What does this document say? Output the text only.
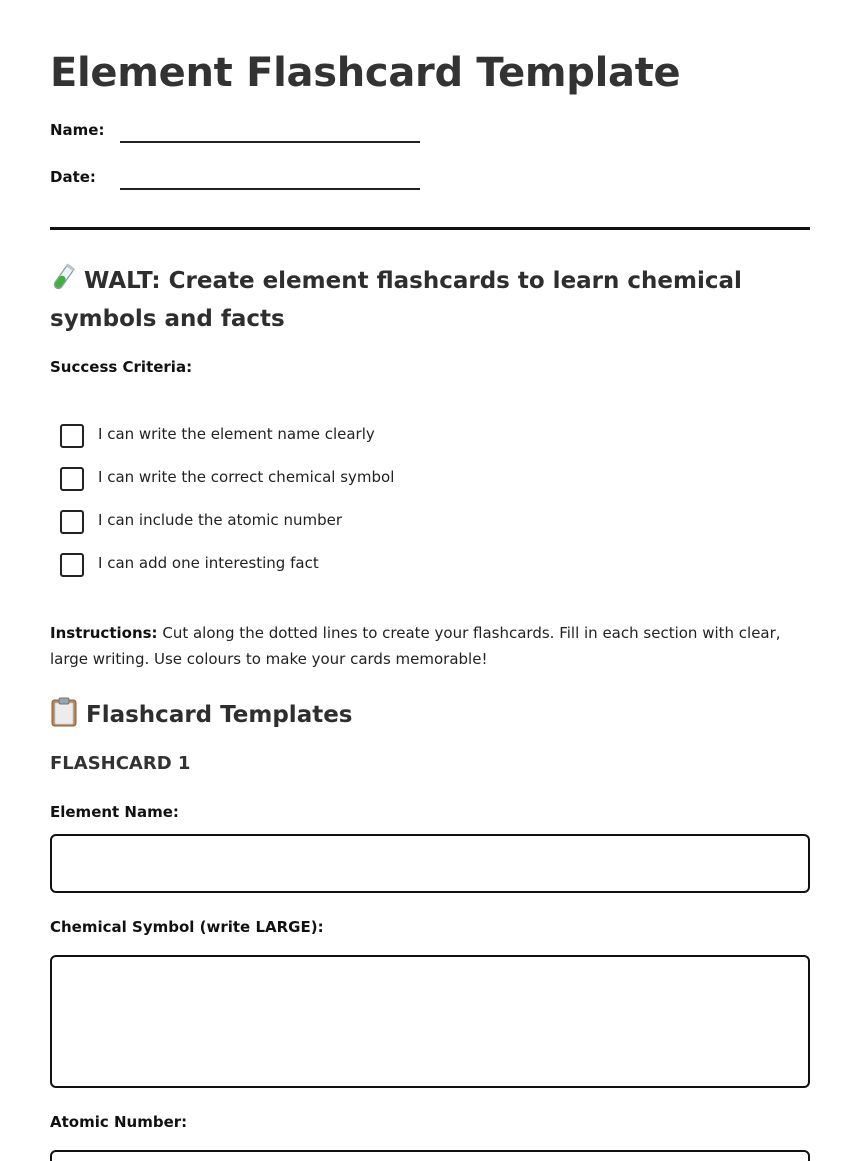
Element Flashcard Template
Name:
Date:
WALT: Create element flashcards to learn chemical symbols and facts
Success Criteria:
I can write the element name clearly
I can write the correct chemical symbol
I can include the atomic number
I can add one interesting fact

Instructions: Cut along the dotted lines to create your flashcards. Fill in each section with clear, large writing. Use colours to make your cards memorable!

Flashcard Templates
FLASHCARD 1
Element Name:
Chemical Symbol (write LARGE):
Atomic Number:
